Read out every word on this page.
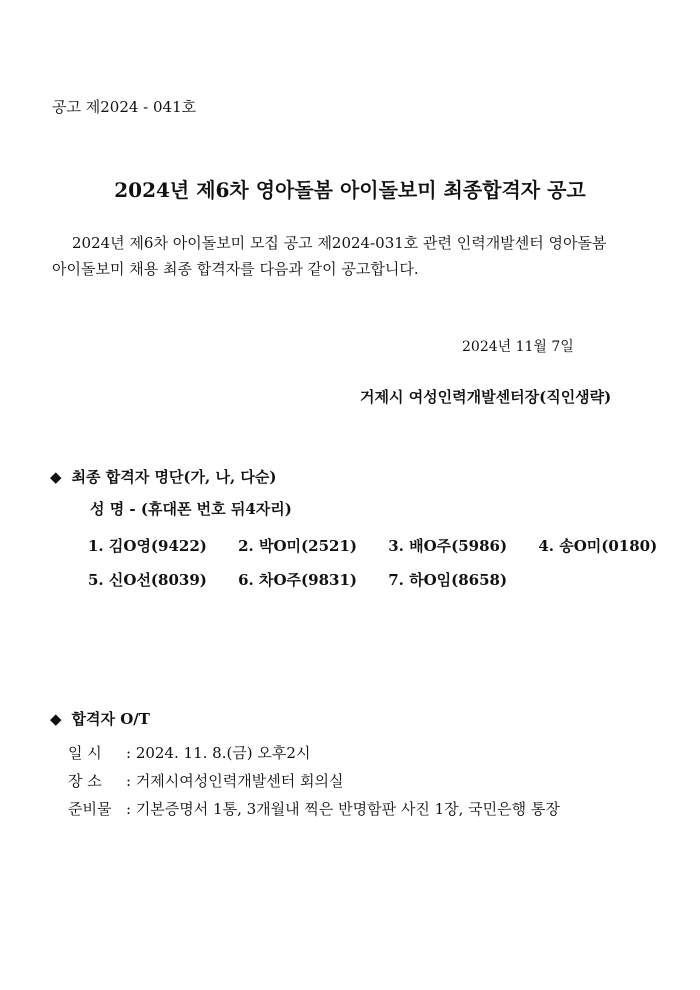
공고 제2024 - 041호
2024년 제6차 영아돌봄 아이돌보미 최종합격자 공고
2024년 제6차 아이돌보미 모집 공고 제2024-031호 관련 인력개발센터 영아돌봄
아이돌보미 채용 최종 합격자를 다음과 같이 공고합니다.
2024년 11월 7일
거제시 여성인력개발센터장(직인생략)
◆ 최종 합격자 명단(가, 나, 다순)
성 명 - (휴대폰 번호 뒤4자리)
1. 김O영(9422) 2. 박O미(2521) 3. 배O주(5986) 4. 송O미(0180)
5. 신O선(8039) 6. 차O주(9831) 7. 하O임(8658)
◆ 합격자 O/T
일 시 : 2024. 11. 8.(금) 오후2시
장 소 : 거제시여성인력개발센터 회의실
준비물 : 기본증명서 1통, 3개월내 찍은 반명함판 사진 1장, 국민은행 통장
